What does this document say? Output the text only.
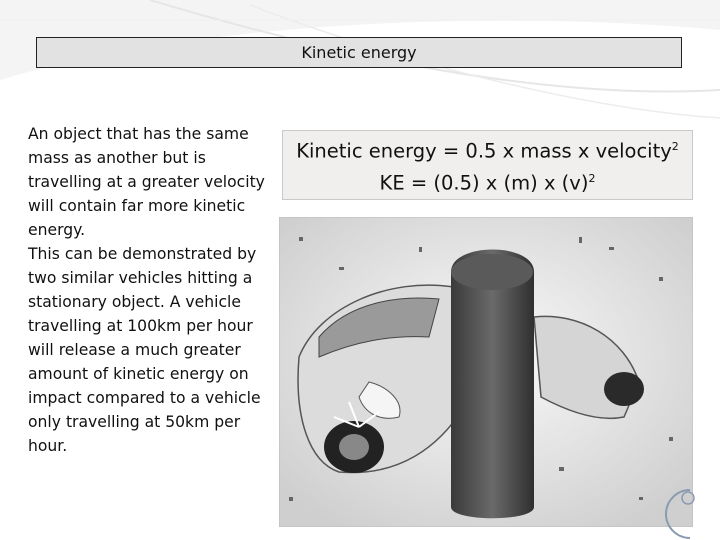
Kinetic energy

An object that has the same mass as another but is travelling at a greater velocity will contain far more kinetic energy.

This can be demonstrated by two similar vehicles hitting a stationary object. A vehicle travelling at 100km per hour will release a much greater amount of kinetic energy on impact compared to a vehicle only travelling at 50km per hour.

Kinetic energy = 0.5 x mass x velocity$^2$
KE = (0.5) x (m) x $(v)^2$
